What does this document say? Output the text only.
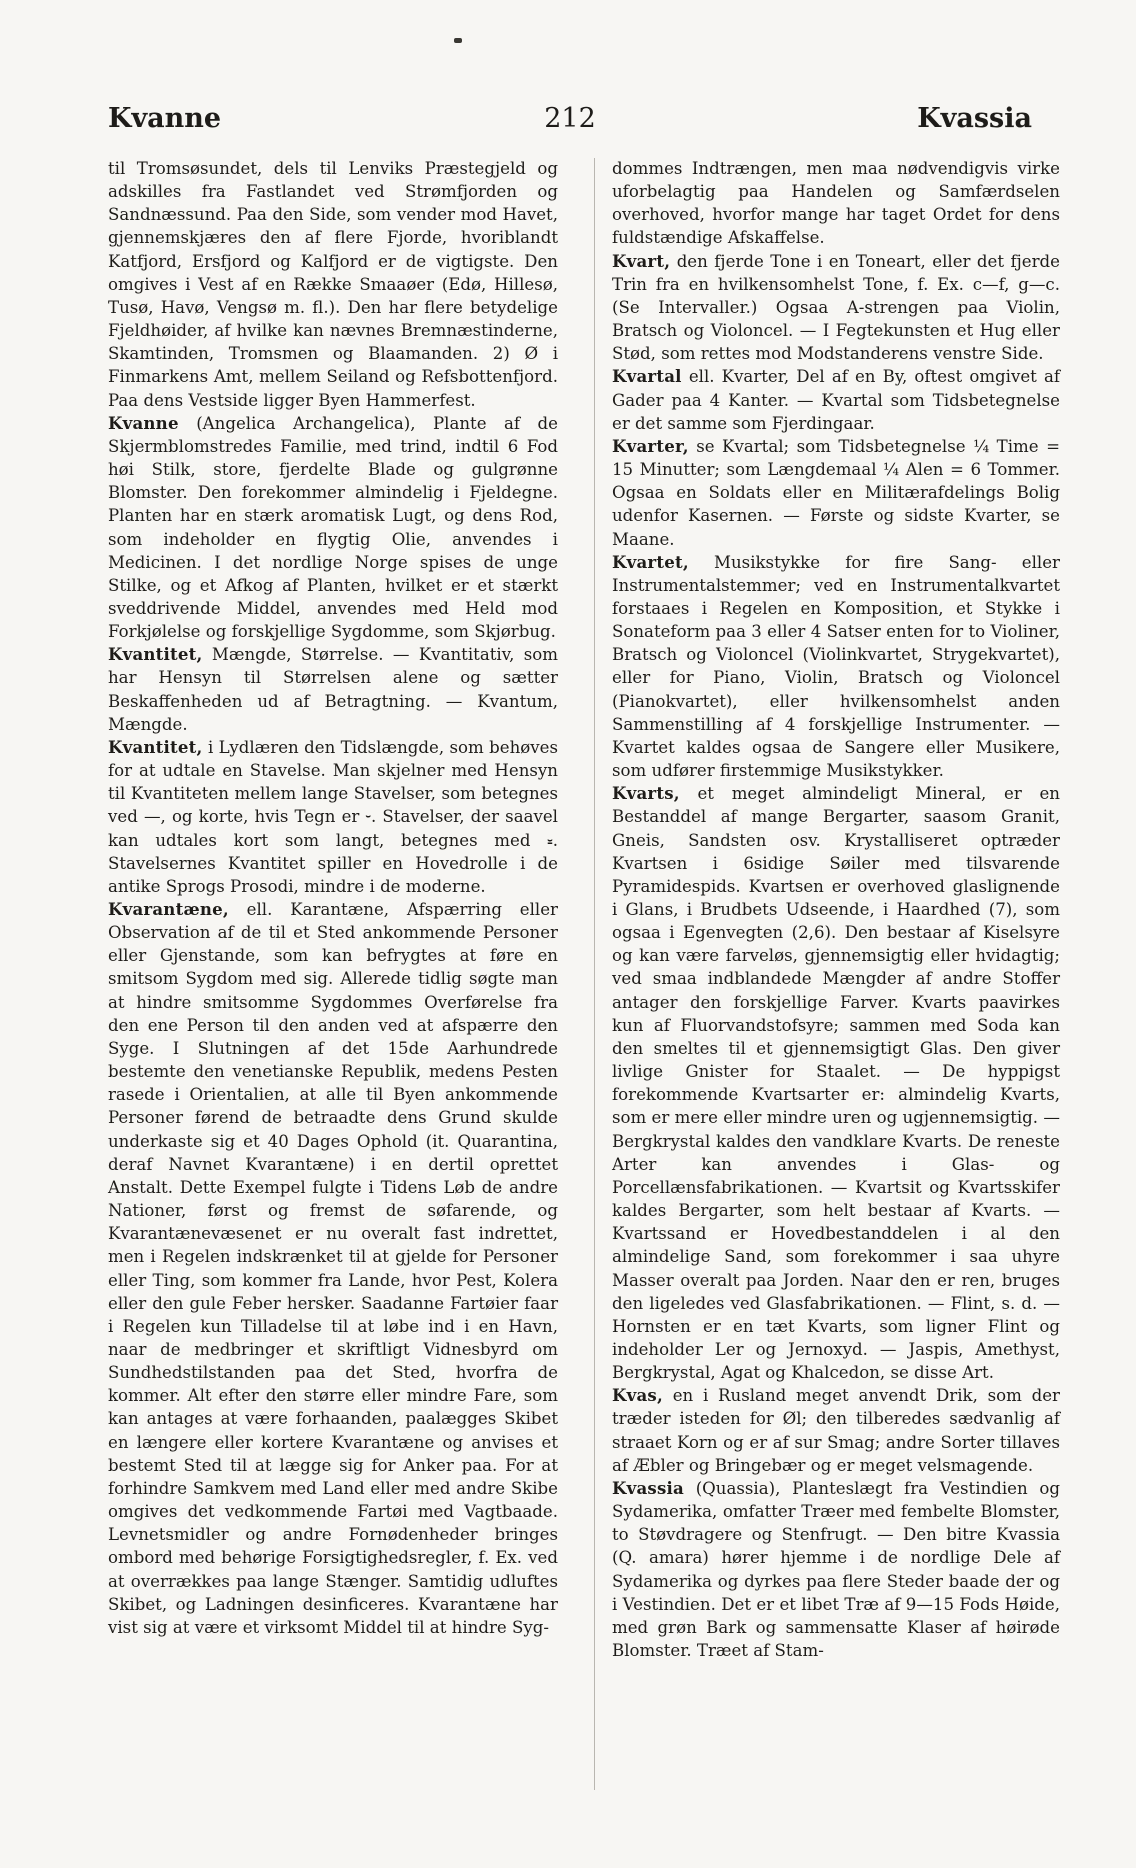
212
Kvanne	Kvassia

til Tromsøsundet, dels til Lenviks Præstegjeld og adskilles fra Fastlandet ved Strømfjorden og Sandnæssund. Paa den Side, som vender mod Havet, gjennemskjæres den af flere Fjorde, hvoriblandt Katfjord, Ersfjord og Kalfjord er de vigtigste. Den omgives i Vest af en Række Smaaøer (Edø, Hillesø, Tusø, Havø, Vengsø m. fl.). Den har flere betydelige Fjeldhøider, af hvilke kan nævnes Bremnæstinderne, Skamtinden, Tromsmen og Blaamanden. 2) Ø i Finmarkens Amt, mellem Seiland og Refsbottenfjord. Paa dens Vestside ligger Byen Hammerfest.

Kvanne (Angelica Archangelica), Plante af de Skjermblomstredes Familie, med trind, indtil 6 Fod høi Stilk, store, fjerdelte Blade og gulgrønne Blomster. Den forekommer almindelig i Fjeldegne. Planten har en stærk aromatisk Lugt, og dens Rod, som indeholder en flygtig Olie, anvendes i Medicinen. I det nordlige Norge spises de unge Stilke, og et Afkog af Planten, hvilket er et stærkt sveddrivende Middel, anvendes med Held mod Forkjølelse og forskjellige Sygdomme, som Skjørbug.

Kvantitet, Mængde, Størrelse. — Kvantitativ, som har Hensyn til Størrelsen alene og sætter Beskaffenheden ud af Betragtning. — Kvantum, Mængde.

Kvantitet, i Lydlæren den Tidslængde, som behøves for at udtale en Stavelse. Man skjelner med Hensyn til Kvantiteten mellem lange Stavelser, som betegnes ved —, og korte, hvis Tegn er ⏑. Stavelser, der saavel kan udtales kort som langt, betegnes med ⏓. Stavelsernes Kvantitet spiller en Hovedrolle i de antike Sprogs Prosodi, mindre i de moderne.

Kvarantæne, ell. Karantæne, Afspærring eller Observation af de til et Sted ankommende Personer eller Gjenstande, som kan befrygtes at føre en smitsom Sygdom med sig. Allerede tidlig søgte man at hindre smitsomme Sygdommes Overførelse fra den ene Person til den anden ved at afspærre den Syge. I Slutningen af det 15de Aarhundrede bestemte den venetianske Republik, medens Pesten rasede i Orientalien, at alle til Byen ankommende Personer førend de betraadte dens Grund skulde underkaste sig et 40 Dages Ophold (it. Quarantina, deraf Navnet Kvarantæne) i en dertil oprettet Anstalt. Dette Exempel fulgte i Tidens Løb de andre Nationer, først og fremst de søfarende, og Kvarantænevæsenet er nu overalt fast indrettet, men i Regelen indskrænket til at gjelde for Personer eller Ting, som kommer fra Lande, hvor Pest, Kolera eller den gule Feber hersker. Saadanne Fartøier faar i Regelen kun Tilladelse til at løbe ind i en Havn, naar de medbringer et skriftligt Vidnesbyrd om Sundhedstilstanden paa det Sted, hvorfra de kommer. Alt efter den større eller mindre Fare, som kan antages at være forhaanden, paalægges Skibet en længere eller kortere Kvarantæne og anvises et bestemt Sted til at lægge sig for Anker paa. For at forhindre Samkvem med Land eller med andre Skibe omgives det vedkommende Fartøi med Vagtbaade. Levnetsmidler og andre Fornødenheder bringes ombord med behørige Forsigtighedsregler, f. Ex. ved at overrækkes paa lange Stænger. Samtidig udluftes Skibet, og Ladningen desinficeres. Kvarantæne har vist sig at være et virksomt Middel til at hindre Syg-

dommes Indtrængen, men maa nødvendigvis virke uforbelagtig paa Handelen og Samfærdselen overhoved, hvorfor mange har taget Ordet for dens fuldstændige Afskaffelse.

Kvart, den fjerde Tone i en Toneart, eller det fjerde Trin fra en hvilkensomhelst Tone, f. Ex. c—f, g—c. (Se Intervaller.) Ogsaa A-strengen paa Violin, Bratsch og Violoncel. — I Fegtekunsten et Hug eller Stød, som rettes mod Modstanderens venstre Side.

Kvartal ell. Kvarter, Del af en By, oftest omgivet af Gader paa 4 Kanter. — Kvartal som Tidsbetegnelse er det samme som Fjerdingaar.

Kvarter, se Kvartal; som Tidsbetegnelse ¼ Time = 15 Minutter; som Længdemaal ¼ Alen = 6 Tommer. Ogsaa en Soldats eller en Militærafdelings Bolig udenfor Kasernen. — Første og sidste Kvarter, se Maane.

Kvartet, Musikstykke for fire Sang- eller Instrumentalstemmer; ved en Instrumentalkvartet forstaaes i Regelen en Komposition, et Stykke i Sonateform paa 3 eller 4 Satser enten for to Violiner, Bratsch og Violoncel (Violinkvartet, Strygekvartet), eller for Piano, Violin, Bratsch og Violoncel (Pianokvartet), eller hvilkensomhelst anden Sammenstilling af 4 forskjellige Instrumenter. — Kvartet kaldes ogsaa de Sangere eller Musikere, som udfører firstemmige Musikstykker.

Kvarts, et meget almindeligt Mineral, er en Bestanddel af mange Bergarter, saasom Granit, Gneis, Sandsten osv. Krystalliseret optræder Kvartsen i 6sidige Søiler med tilsvarende Pyramidespids. Kvartsen er overhoved glaslignende i Glans, i Brudbets Udseende, i Haardhed (7), som ogsaa i Egenvegten (2,6). Den bestaar af Kiselsyre og kan være farveløs, gjennemsigtig eller hvidagtig; ved smaa indblandede Mængder af andre Stoffer antager den forskjellige Farver. Kvarts paavirkes kun af Fluorvandstofsyre; sammen med Soda kan den smeltes til et gjennemsigtigt Glas. Den giver livlige Gnister for Staalet. — De hyppigst forekommende Kvartsarter er: almindelig Kvarts, som er mere eller mindre uren og ugjennemsigtig. — Bergkrystal kaldes den vandklare Kvarts. De reneste Arter kan anvendes i Glas- og Porcellænsfabrikationen. — Kvartsit og Kvartsskifer kaldes Bergarter, som helt bestaar af Kvarts. — Kvartssand er Hovedbestanddelen i al den almindelige Sand, som forekommer i saa uhyre Masser overalt paa Jorden. Naar den er ren, bruges den ligeledes ved Glasfabrikationen. — Flint, s. d. — Hornsten er en tæt Kvarts, som ligner Flint og indeholder Ler og Jernoxyd. — Jaspis, Amethyst, Bergkrystal, Agat og Khalcedon, se disse Art.

Kvas, en i Rusland meget anvendt Drik, som der træder isteden for Øl; den tilberedes sædvanlig af straaet Korn og er af sur Smag; andre Sorter tillaves af Æbler og Bringebær og er meget velsmagende.

Kvassia (Quassia), Planteslægt fra Vestindien og Sydamerika, omfatter Træer med fembelte Blomster, to Støvdragere og Stenfrugt. — Den bitre Kvassia (Q. amara) hører hjemme i de nordlige Dele af Sydamerika og dyrkes paa flere Steder baade der og i Vestindien. Det er et libet Træ af 9—15 Fods Høide, med grøn Bark og sammensatte Klaser af høirøde Blomster. Træet af Stam-
